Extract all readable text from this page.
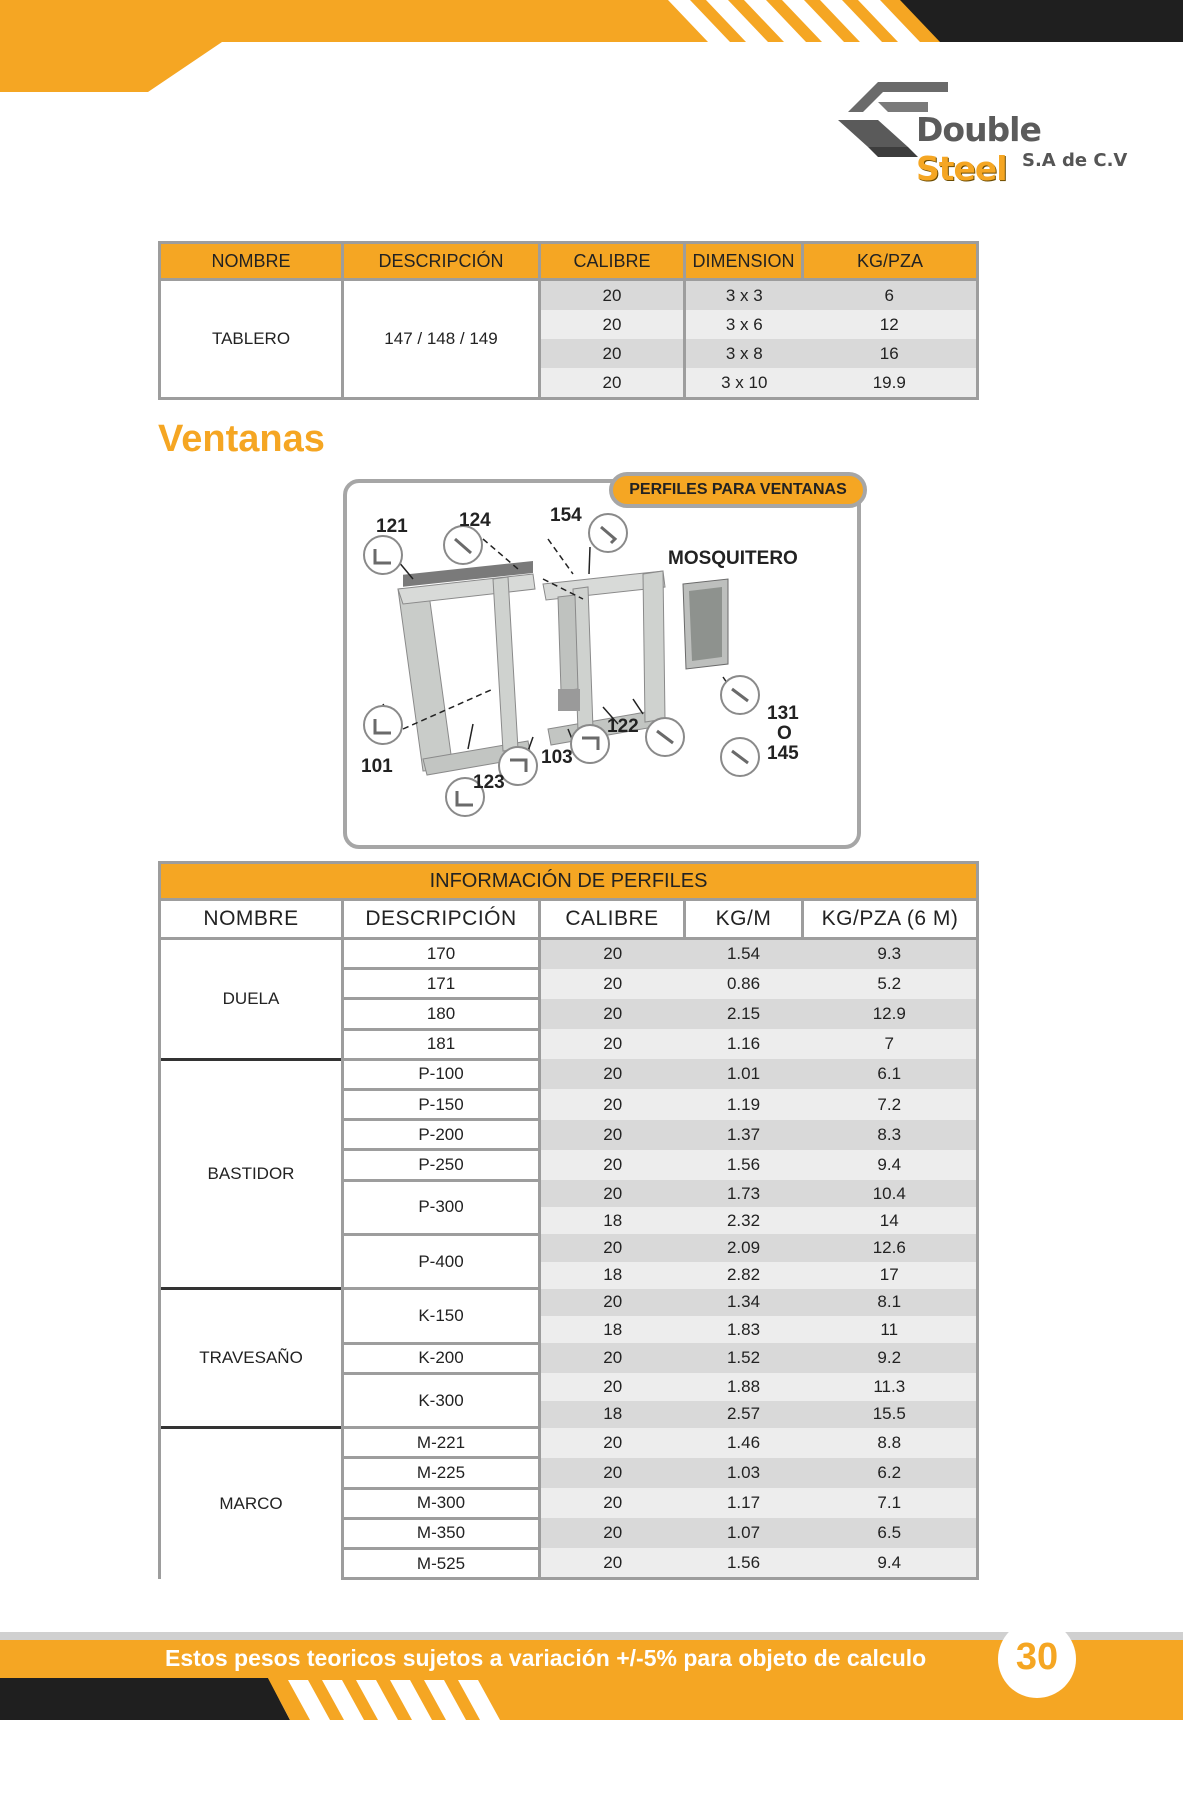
Double Steel S.A de C.V
NOMBRE	DESCRIPCIÓN	CALIBRE	DIMENSION	KG/PZA
TABLERO	147 / 148 / 149	20	3 x 3	6
		20	3 x 6	12
		20	3 x 8	16
		20	3 x 10	19.9
Ventanas
121	124	154
MOSQUITERO
101	103
122
123
131
O
145
PERFILES PARA VENTANAS
INFORMACIÓN DE PERFILES				
NOMBRE	DESCRIPCIÓN	CALIBRE	KG/M	KG/PZA (6 M)
DUELA	170	20	1.54	9.3
	171	20	0.86	5.2
	180	20	2.15	12.9
	181	20	1.16	7
BASTIDOR	P-100	20	1.01	6.1
	P-150	20	1.19	7.2
	P-200	20	1.37	8.3
	P-250	20	1.56	9.4
	P-300	20	1.73	10.4
		18	2.32	14
	P-400	20	2.09	12.6
		18	2.82	17
TRAVESAÑO	K-150	20	1.34	8.1
		18	1.83	11
	K-200	20	1.52	9.2
	K-300	20	1.88	11.3
		18	2.57	15.5
MARCO	M-221	20	1.46	8.8
	M-225	20	1.03	6.2
	M-300	20	1.17	7.1
	M-350	20	1.07	6.5
	M-525	20	1.56	9.4
Estos pesos teoricos sujetos a variación +/-5% para objeto de calculo	30
